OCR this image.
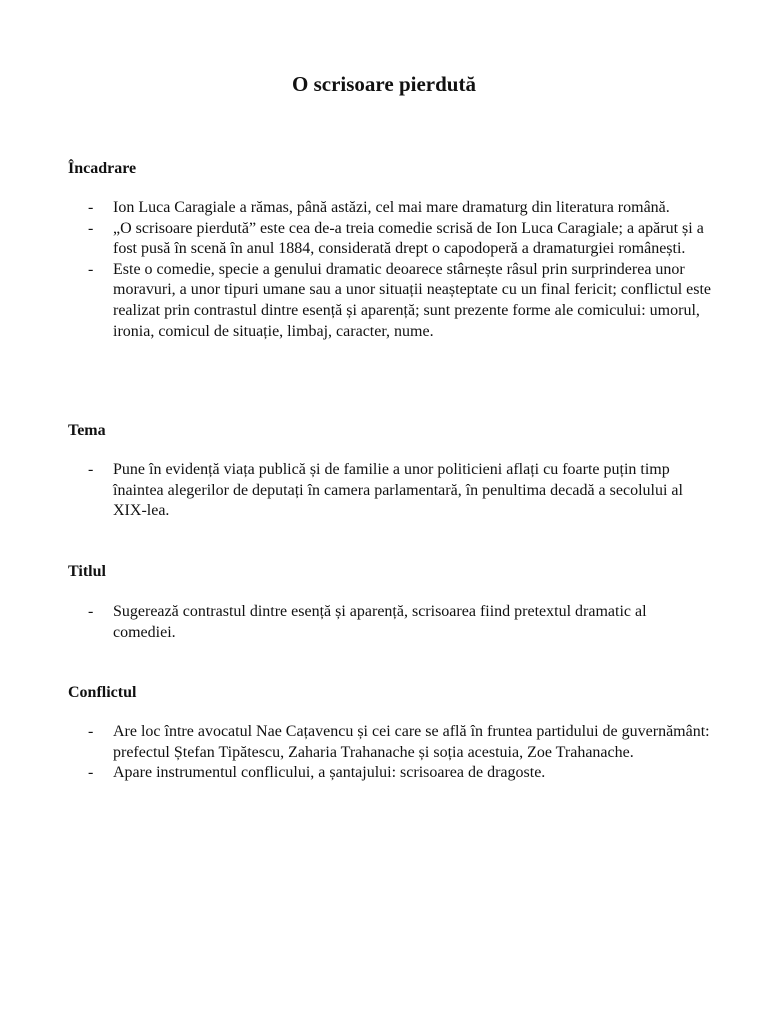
O scrisoare pierdută
Încadrare
- Ion Luca Caragiale a rămas, până astăzi, cel mai mare dramaturg din literatura română.
- „O scrisoare pierdută” este cea de-a treia comedie scrisă de Ion Luca Caragiale; a apărut și a fost pusă în scenă în anul 1884, considerată drept o capodoperă a dramaturgiei românești.
- Este o comedie, specie a genului dramatic deoarece stârnește râsul prin surprinderea unor moravuri, a unor tipuri umane sau a unor situații neașteptate cu un final fericit; conflictul este realizat prin contrastul dintre esență și aparență; sunt prezente forme ale comicului: umorul, ironia, comicul de situație, limbaj, caracter, nume.
Tema
- Pune în evidență viața publică și de familie a unor politicieni aflați cu foarte puțin timp înaintea alegerilor de deputați în camera parlamentară, în penultima decadă a secolului al XIX-lea.
Titlul
- Sugerează contrastul dintre esență și aparență, scrisoarea fiind pretextul dramatic al comediei.
Conflictul
- Are loc între avocatul Nae Cațavencu și cei care se află în fruntea partidului de guvernământ: prefectul Ștefan Tipătescu, Zaharia Trahanache și soția acestuia, Zoe Trahanache.
- Apare instrumentul conflicului, a șantajului: scrisoarea de dragoste.
